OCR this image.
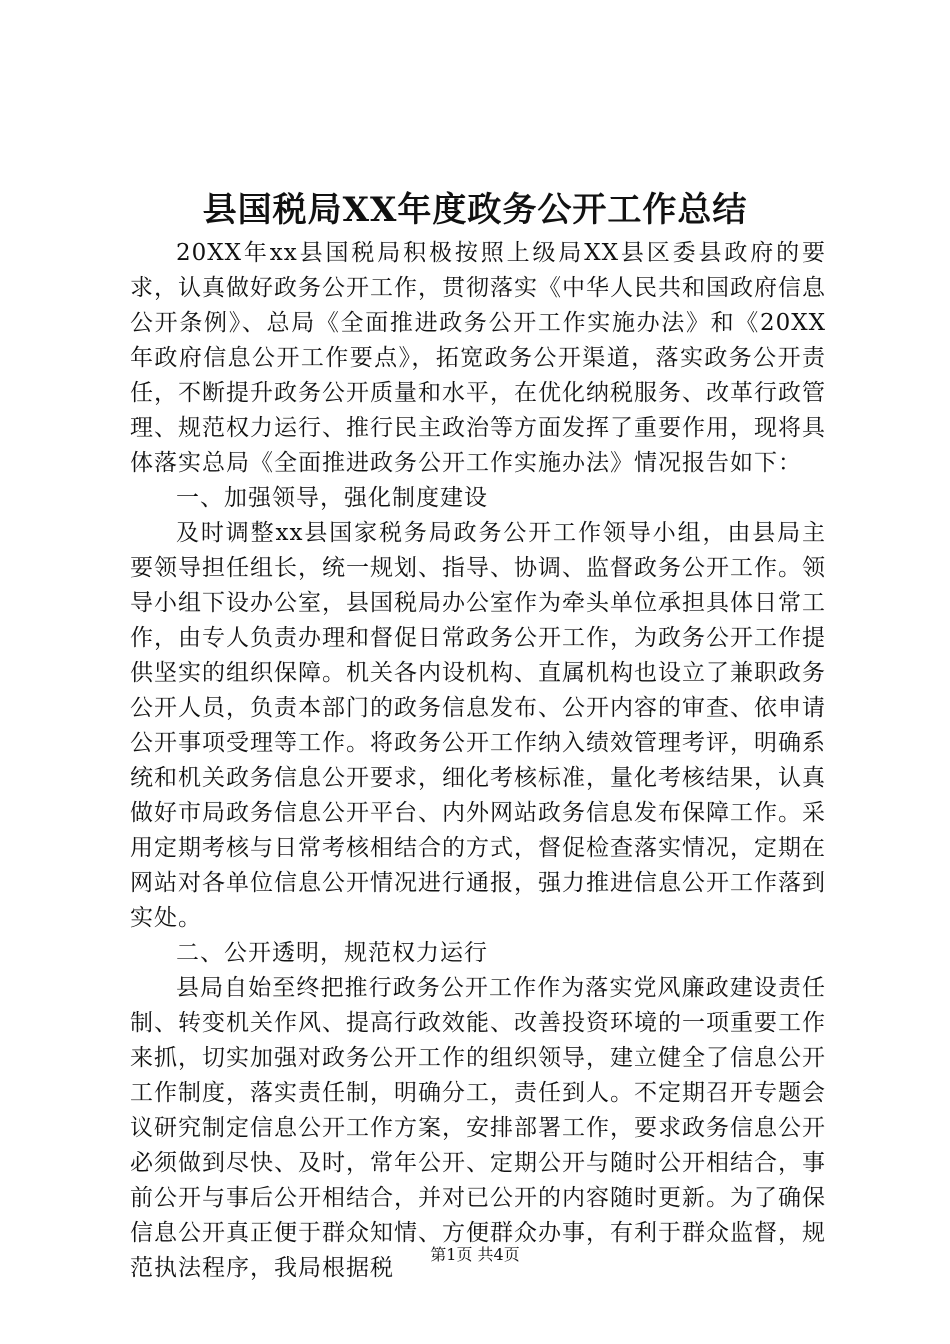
县国税局XX年度政务公开工作总结

20XX年xx县国税局积极按照上级局XX县区委县政府的要求，认真做好政务公开工作，贯彻落实《中华人民共和国政府信息公开条例》、总局《全面推进政务公开工作实施办法》和《20XX年政府信息公开工作要点》，拓宽政务公开渠道，落实政务公开责任，不断提升政务公开质量和水平，在优化纳税服务、改革行政管理、规范权力运行、推行民主政治等方面发挥了重要作用，现将具体落实总局《全面推进政务公开工作实施办法》情况报告如下：

一、加强领导，强化制度建设

及时调整xx县国家税务局政务公开工作领导小组，由县局主要领导担任组长，统一规划、指导、协调、监督政务公开工作。领导小组下设办公室，县国税局办公室作为牵头单位承担具体日常工作，由专人负责办理和督促日常政务公开工作，为政务公开工作提供坚实的组织保障。机关各内设机构、直属机构也设立了兼职政务公开人员，负责本部门的政务信息发布、公开内容的审查、依申请公开事项受理等工作。将政务公开工作纳入绩效管理考评，明确系统和机关政务信息公开要求，细化考核标准，量化考核结果，认真做好市局政务信息公开平台、内外网站政务信息发布保障工作。采用定期考核与日常考核相结合的方式，督促检查落实情况，定期在网站对各单位信息公开情况进行通报，强力推进信息公开工作落到实处。

二、公开透明，规范权力运行

县局自始至终把推行政务公开工作作为落实党风廉政建设责任制、转变机关作风、提高行政效能、改善投资环境的一项重要工作来抓，切实加强对政务公开工作的组织领导，建立健全了信息公开工作制度，落实责任制，明确分工，责任到人。不定期召开专题会议研究制定信息公开工作方案，安排部署工作，要求政务信息公开必须做到尽快、及时，常年公开、定期公开与随时公开相结合，事前公开与事后公开相结合，并对已公开的内容随时更新。为了确保信息公开真正便于群众知情、方便群众办事，有利于群众监督，规范执法程序，我局根据税

第1页 共4页
